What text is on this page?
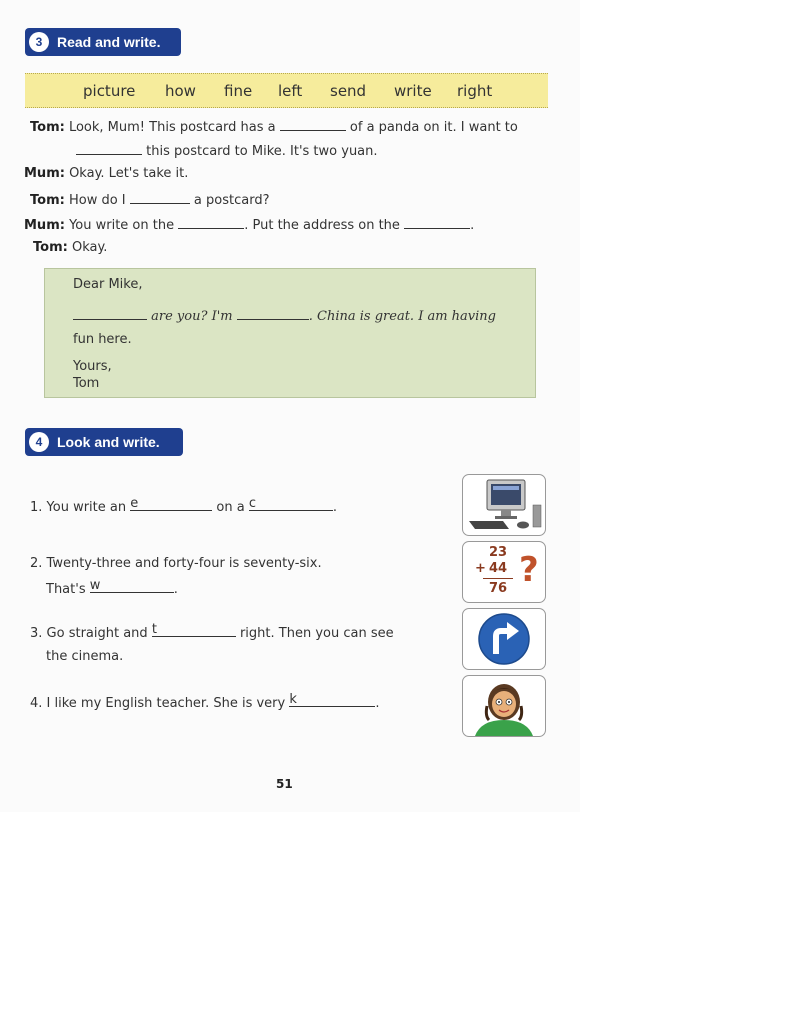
3	Read and write.
picture how fine left send write right
Tom: Look, Mum! This postcard has a	of a panda on it. I want to
this postcard to Mike. It's two yuan.
Mum: Okay. Let's take it.
Tom: How do I	a postcard?
Mum: You write on the	. Put the address on the	.
Tom: Okay.
Dear Mike,
are you? I'm	. China is great. I am having
fun here.
Yours,
Tom
4	Look and write.
1. You write an e	on a c	.
2. Twenty-three and forty-four is seventy-six.
That's w	.
3. Go straight and t	right. Then you can see
the cinema.
4. I like my English teacher. She is very k	.
23
+ 44
76 ?
51
